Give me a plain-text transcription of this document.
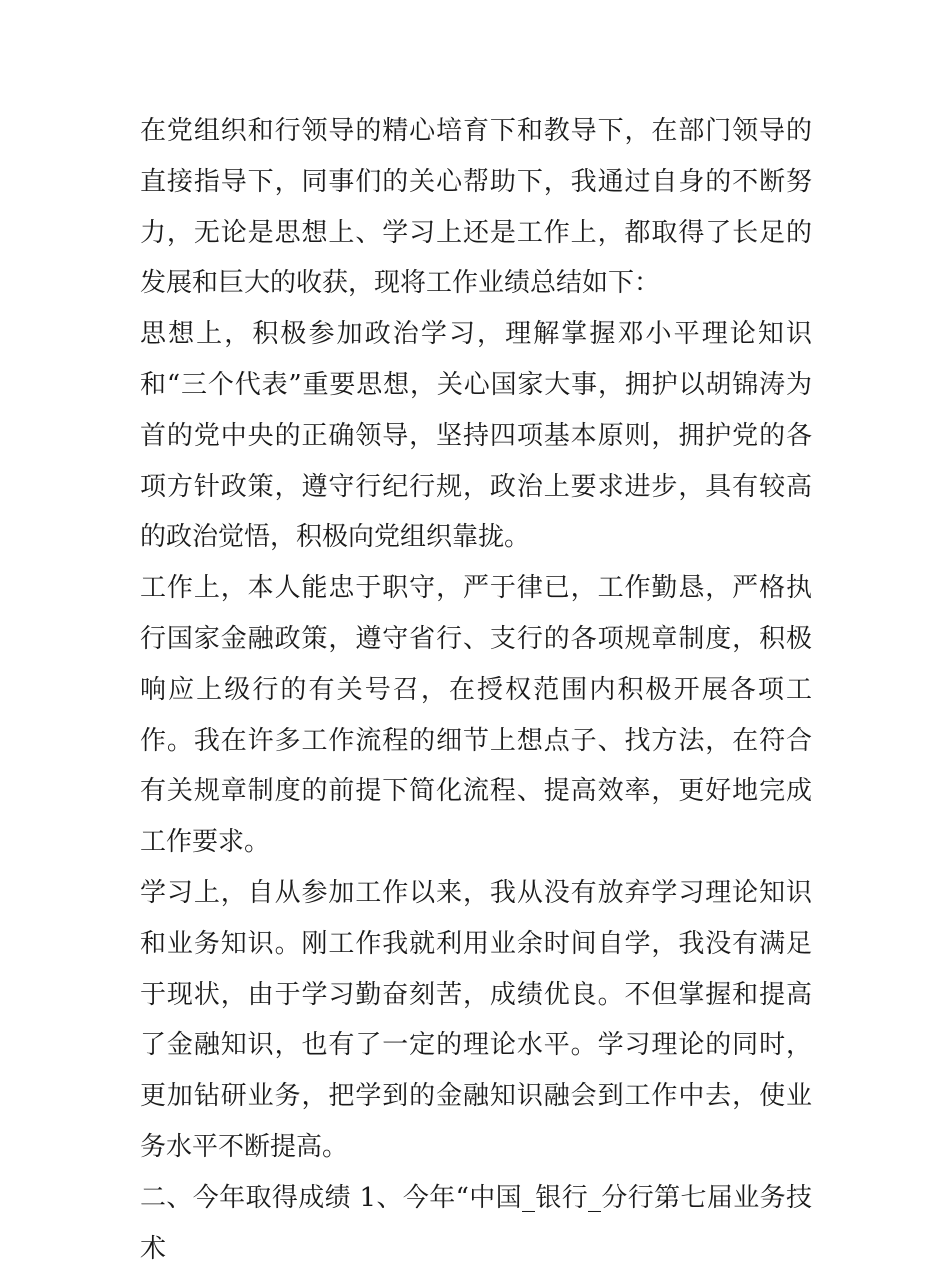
在党组织和行领导的精心培育下和教导下，在部门领导的直接指导下，同事们的关心帮助下，我通过自身的不断努力，无论是思想上、学习上还是工作上，都取得了长足的发展和巨大的收获，现将工作业绩总结如下：

思想上，积极参加政治学习，理解掌握邓小平理论知识和“三个代表”重要思想，关心国家大事，拥护以胡锦涛为首的党中央的正确领导，坚持四项基本原则，拥护党的各项方针政策，遵守行纪行规，政治上要求进步，具有较高的政治觉悟，积极向党组织靠拢。

工作上，本人能忠于职守，严于律已，工作勤恳，严格执行国家金融政策，遵守省行、支行的各项规章制度，积极响应上级行的有关号召，在授权范围内积极开展各项工作。我在许多工作流程的细节上想点子、找方法，在符合有关规章制度的前提下简化流程、提高效率，更好地完成工作要求。

学习上，自从参加工作以来，我从没有放弃学习理论知识和业务知识。刚工作我就利用业余时间自学，我没有满足于现状，由于学习勤奋刻苦，成绩优良。不但掌握和提高了金融知识，也有了一定的理论水平。学习理论的同时，更加钻研业务，把学到的金融知识融会到工作中去，使业务水平不断提高。

二、今年取得成绩 1、今年“中国_银行_分行第七届业务技术
